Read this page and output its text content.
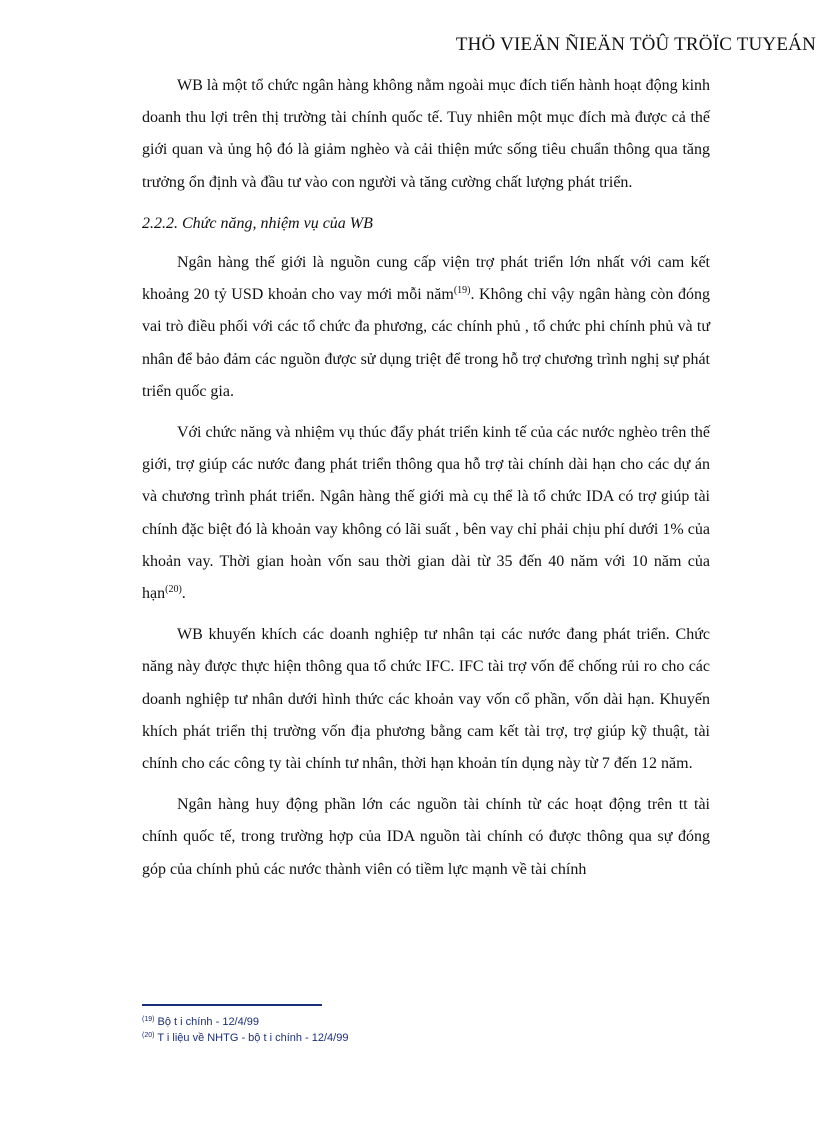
THÖ VIEÄN ÑIEÄN TÖÛ TRÖÏC TUYEÁN

WB là một tổ chức ngân hàng không nằm ngoài mục đích tiến hành hoạt động kinh doanh thu lợi trên thị trường tài chính quốc tế. Tuy nhiên một mục đích mà được cả thế giới quan và ủng hộ đó là giảm nghèo và cải thiện mức sống tiêu chuẩn thông qua tăng trưởng ổn định và đầu tư vào con người và tăng cường chất lượng phát triển.

2.2.2. Chức năng, nhiệm vụ của WB

Ngân hàng thế giới là nguồn cung cấp viện trợ phát triển lớn nhất với cam kết khoảng 20 tỷ USD khoản cho vay mới mỗi năm$^{(19)}$. Không chỉ vậy ngân hàng còn đóng vai trò điều phối với các tổ chức đa phương, các chính phủ , tổ chức phi chính phủ và tư nhân để bảo đảm các nguồn được sử dụng triệt để trong hỗ trợ chương trình nghị sự phát triển quốc gia.

Với chức năng và nhiệm vụ thúc đẩy phát triển kinh tế của các nước nghèo trên thế giới, trợ giúp các nước đang phát triển thông qua hỗ trợ tài chính dài hạn cho các dự án và chương trình phát triển. Ngân hàng thế giới mà cụ thể là tổ chức IDA có trợ giúp tài chính đặc biệt đó là khoản vay không có lãi suất , bên vay chỉ phải chịu phí dưới 1% của khoản vay. Thời gian hoàn vốn sau thời gian dài từ 35 đến 40 năm với 10 năm của hạn$^{(20)}$.

WB khuyến khích các doanh nghiệp tư nhân tại các nước đang phát triển. Chức năng này được thực hiện thông qua tổ chức IFC. IFC tài trợ vốn để chống rủi ro cho các doanh nghiệp tư nhân dưới hình thức các khoản vay vốn cổ phần, vốn dài hạn. Khuyến khích phát triển thị trường vốn địa phương bằng cam kết tài trợ, trợ giúp kỹ thuật, tài chính cho các công ty tài chính tư nhân, thời hạn khoản tín dụng này từ 7 đến 12 năm.

Ngân hàng huy động phần lớn các nguồn tài chính từ các hoạt động trên tt tài chính quốc tế, trong trường hợp của IDA nguồn tài chính có được thông qua sự đóng góp của chính phủ các nước thành viên có tiềm lực mạnh về tài chính

$^{(19)}$ Bộ t i chính - 12/4/99
$^{(20)}$ T i liệu về NHTG - bộ t i chính - 12/4/99
